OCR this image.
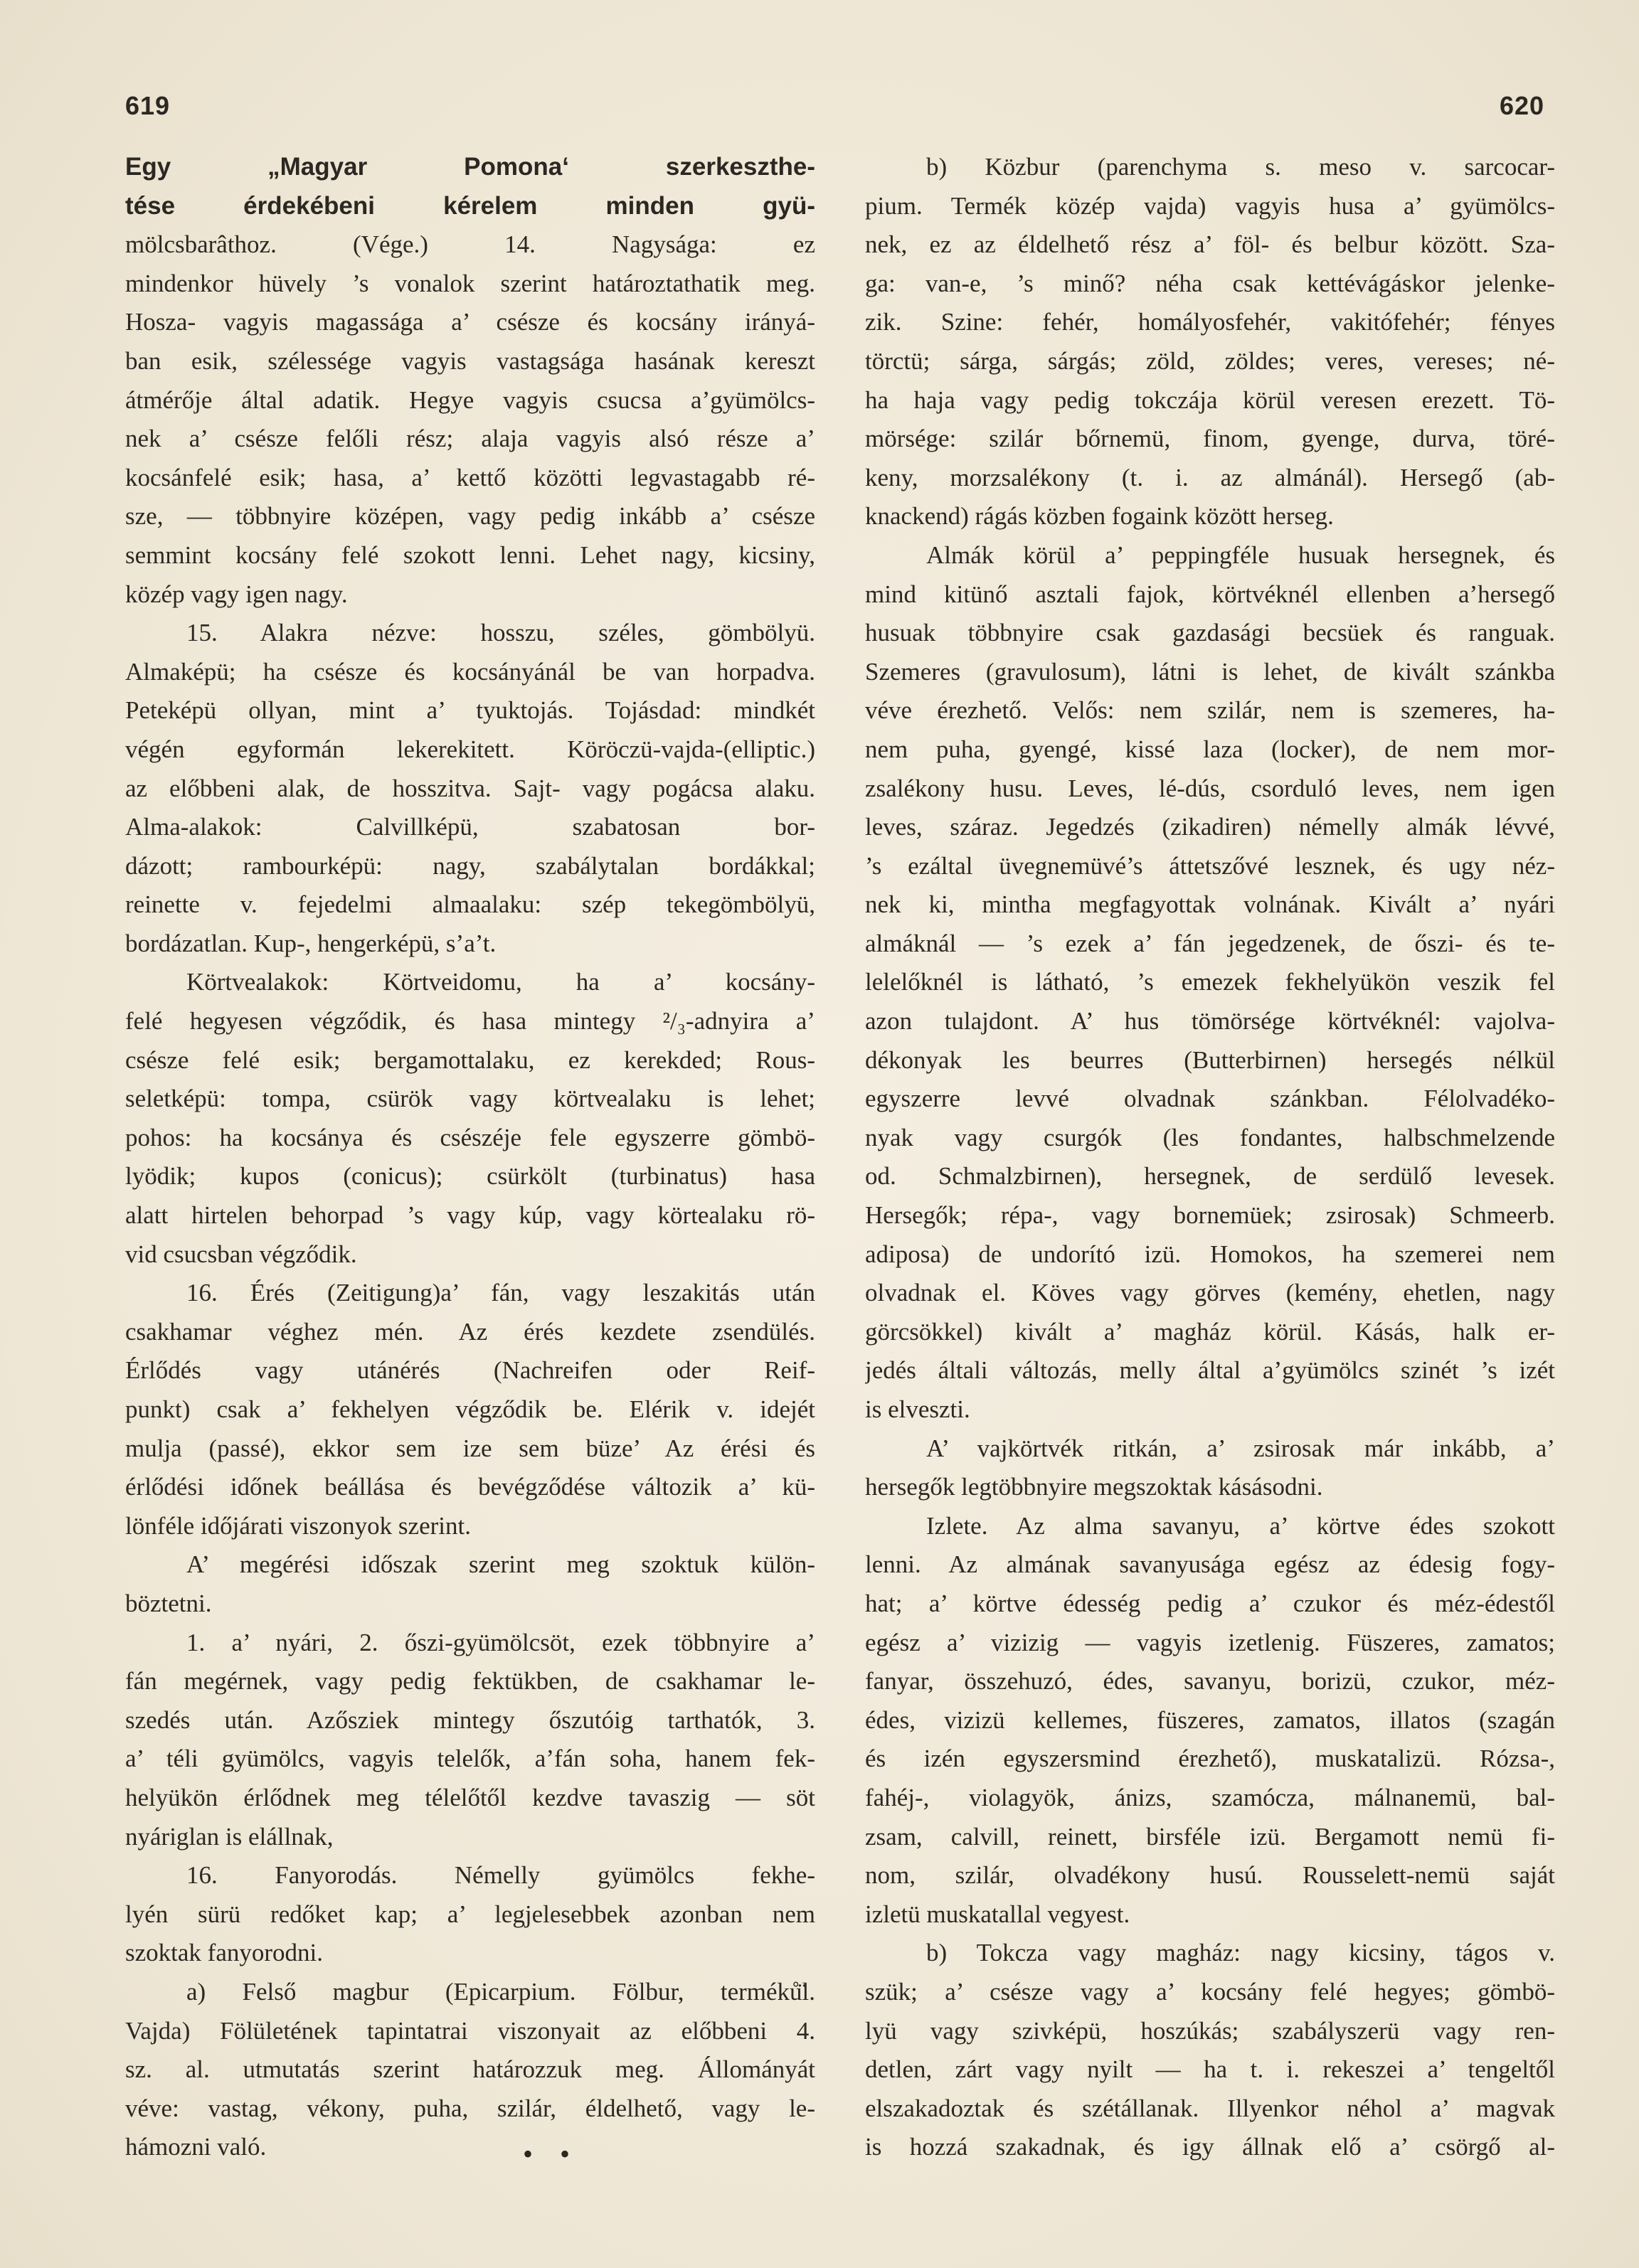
619	620
Egy „Magyar Pomona‘ szerkeszthe-
tése érdekébeni kérelem minden gyü-
mölcsbarâthoz. (Vége.) 14. Nagysága: ez
mindenkor hüvely ’s vonalok szerint határoztathatik meg.
Hosza- vagyis magassága a’ csésze és kocsány irányá-
ban esik, szélessége vagyis vastagsága hasának kereszt
átmérője által adatik. Hegye vagyis csucsa a’gyümölcs-
nek a’ csésze felőli rész; alaja vagyis alsó része a’
kocsánfelé esik; hasa, a’ kettő közötti legvastagabb ré-
sze, — többnyire középen, vagy pedig inkább a’ csésze
semmint kocsány felé szokott lenni. Lehet nagy, kicsiny,
közép vagy igen nagy.
15. Alakra nézve: hosszu, széles, gömbölyü.
Almaképü; ha csésze és kocsányánál be van horpadva.
Peteképü ollyan, mint a’ tyuktojás. Tojásdad: mindkét
végén egyformán lekerekitett. Köröczü-vajda-(elliptic.)
az előbbeni alak, de hosszitva. Sajt- vagy pogácsa alaku.
Alma-alakok: Calvillképü, szabatosan bor-
dázott; rambourképü: nagy, szabálytalan bordákkal;
reinette v. fejedelmi almaalaku: szép tekegömbölyü,
bordázatlan. Kup-, hengerképü, s’a’t.
Körtvealakok: Körtveidomu, ha a’ kocsány-
felé hegyesen végződik, és hasa mintegy ²/₃-adnyira a’
csésze felé esik; bergamottalaku, ez kerekded; Rous-
seletképü: tompa, csürök vagy körtvealaku is lehet;
pohos: ha kocsánya és csészéje fele egyszerre gömbö-
lyödik; kupos (conicus); csürkölt (turbinatus) hasa
alatt hirtelen behorpad ’s vagy kúp, vagy körtealaku rö-
vid csucsban végződik.
16. Érés (Zeitigung)a’ fán, vagy leszakitás után
csakhamar véghez mén. Az érés kezdete zsendülés.
Érlődés vagy utánérés (Nachreifen oder Reif-
punkt) csak a’ fekhelyen végződik be. Elérik v. idejét
mulja (passé), ekkor sem ize sem büze’ Az érési és
érlődési időnek beállása és bevégződése változik a’ kü-
lönféle időjárati viszonyok szerint.
A’ megérési időszak szerint meg szoktuk külön-
böztetni.
1. a’ nyári, 2. őszi-gyümölcsöt, ezek többnyire a’
fán megérnek, vagy pedig fektükben, de csakhamar le-
szedés után. Azősziek mintegy őszutóig tarthatók, 3.
a’ téli gyümölcs, vagyis telelők, a’fán soha, hanem fek-
helyükön érlődnek meg télelőtől kezdve tavaszig — söt
nyáriglan is elállnak,
16. Fanyorodás. Némelly gyümölcs fekhe-
lyén sürü redőket kap; a’ legjelesebbek azonban nem
szoktak fanyorodni.
a) Felső magbur (Epicarpium. Fölbur, terméků̈l.
Vajda) Fölületének tapintatrai viszonyait az előbbeni 4.
sz. al. utmutatás szerint határozzuk meg. Állományát
véve: vastag, vékony, puha, szilár, éldelhető, vagy le-
hámozni való.
b) Közbur (parenchyma s. meso v. sarcocar-
pium. Termék közép vajda) vagyis husa a’ gyümölcs-
nek, ez az éldelhető rész a’ föl- és belbur között. Sza-
ga: van-e, ’s minő? néha csak kettévágáskor jelenke-
zik. Szine: fehér, homályosfehér, vakitófehér; fényes
törctü; sárga, sárgás; zöld, zöldes; veres, vereses; né-
ha haja vagy pedig tokczája körül veresen erezett. Tö-
mörsége: szilár bőrnemü, finom, gyenge, durva, töré-
keny, morzsalékony (t. i. az almánál). Hersegő (ab-
knackend) rágás közben fogaink között herseg.
Almák körül a’ peppingféle husuak hersegnek, és
mind kitünő asztali fajok, körtvéknél ellenben a’hersegő
husuak többnyire csak gazdasági becsüek és ranguak.
Szemeres (gravulosum), látni is lehet, de kivált szánkba
véve érezhető. Velős: nem szilár, nem is szemeres, ha-
nem puha, gyengé, kissé laza (locker), de nem mor-
zsalékony husu. Leves, lé-dús, csorduló leves, nem igen
leves, száraz. Jegedzés (zikadiren) némelly almák lévvé,
’s ezáltal üvegnemüvé’s áttetszővé lesznek, és ugy néz-
nek ki, mintha megfagyottak volnának. Kivált a’ nyári
almáknál — ’s ezek a’ fán jegedzenek, de őszi- és te-
lelelőknél is látható, ’s emezek fekhelyükön veszik fel
azon tulajdont. A’ hus tömörsége körtvéknél: vajolva-
dékonyak les beurres (Butterbirnen) hersegés nélkül
egyszerre levvé olvadnak szánkban. Félolvadéko-
nyak vagy csurgók (les fondantes, halbschmelzende
od. Schmalzbirnen), hersegnek, de serdülő levesek.
Hersegők; répa-, vagy bornemüek; zsirosak) Schmeerb.
adiposa) de undorító izü. Homokos, ha szemerei nem
olvadnak el. Köves vagy görves (kemény, ehetlen, nagy
görcsökkel) kivált a’ magház körül. Kásás, halk er-
jedés általi változás, melly által a’gyümölcs szinét ’s izét
is elveszti.
A’ vajkörtvék ritkán, a’ zsirosak már inkább, a’
hersegők legtöbbnyire megszoktak kásásodni.
Izlete. Az alma savanyu, a’ körtve édes szokott
lenni. Az almának savanyusága egész az édesig fogy-
hat; a’ körtve édesség pedig a’ czukor és méz-édestől
egész a’ vizizig — vagyis izetlenig. Füszeres, zamatos;
fanyar, összehuzó, édes, savanyu, borizü, czukor, méz-
édes, vizizü kellemes, füszeres, zamatos, illatos (szagán
és izén egyszersmind érezhető), muskatalizü. Rózsa-,
fahéj-, violagyök, ánizs, szamócza, málnanemü, bal-
zsam, calvill, reinett, birsféle izü. Bergamott nemü fi-
nom, szilár, olvadékony husú. Rousselett-nemü saját
izletü muskatallal vegyest.
b) Tokcza vagy magház: nagy kicsiny, tágos v.
szük; a’ csésze vagy a’ kocsány felé hegyes; gömbö-
lyü vagy szivképü, hoszúkás; szabályszerü vagy ren-
detlen, zárt vagy nyilt — ha t. i. rekeszei a’ tengeltől
elszakadoztak és szétállanak. Illyenkor néhol a’ magvak
is hozzá szakadnak, és igy állnak elő a’ csörgő al-
• •
